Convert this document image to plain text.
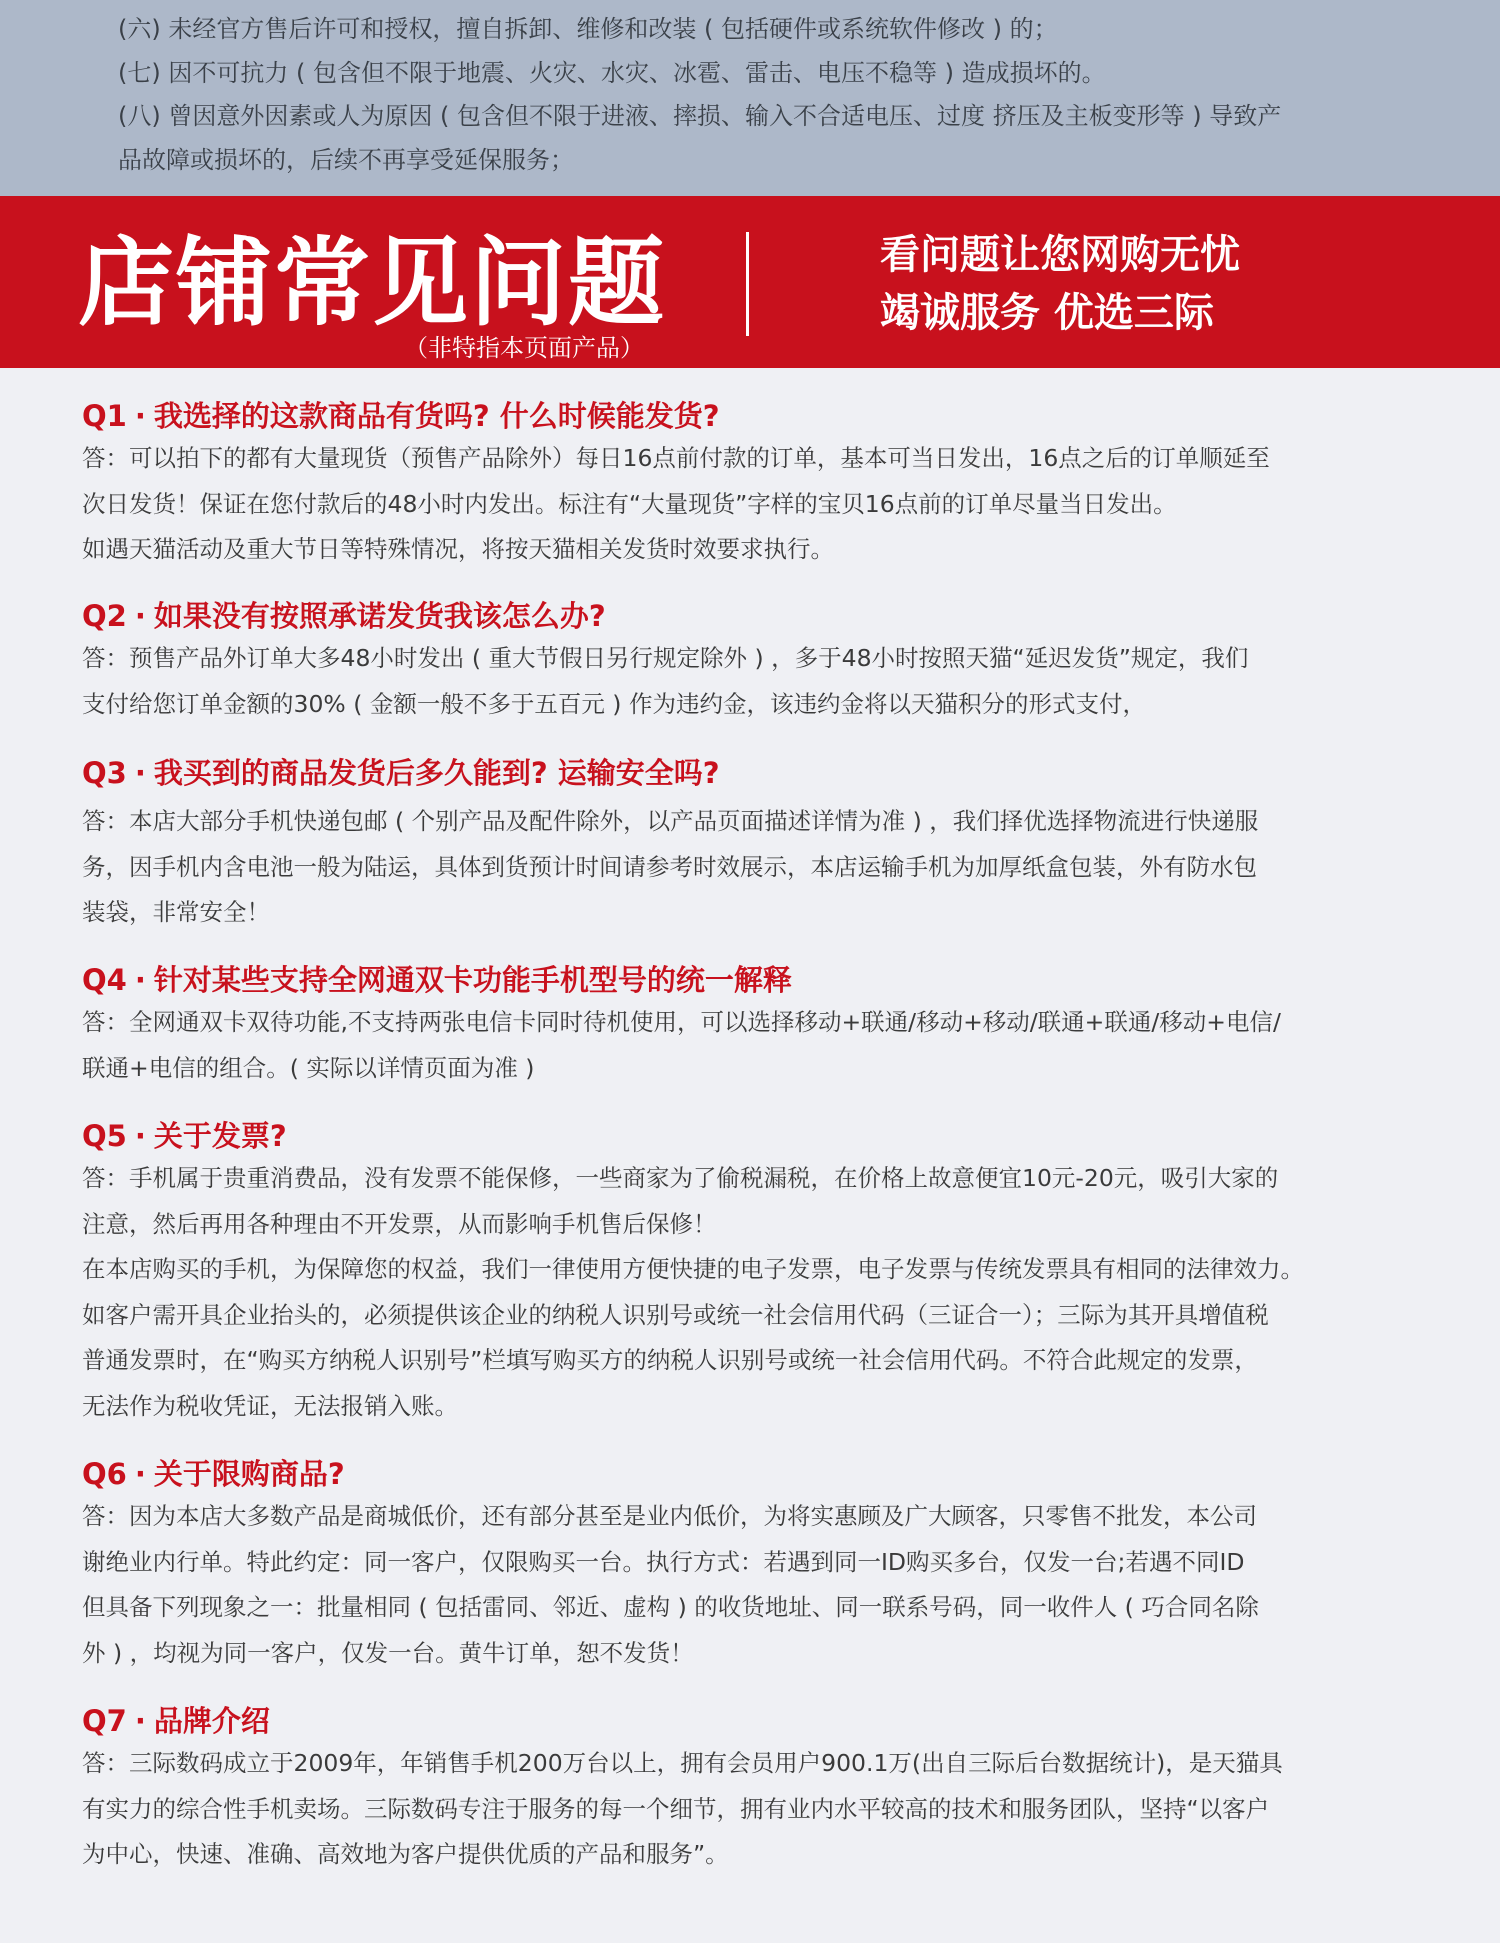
(六) 未经官方售后许可和授权，擅自拆卸、维修和改装 ( 包括硬件或系统软件修改 ) 的；
(七) 因不可抗力 ( 包含但不限于地震、火灾、水灾、冰雹、雷击、电压不稳等 ) 造成损坏的。
(八) 曾因意外因素或人为原因 ( 包含但不限于进液、摔损、输入不合适电压、过度 挤压及主板变形等 ) 导致产
品故障或损坏的，后续不再享受延保服务；
店铺常见问题
（非特指本页面产品）
看问题让您网购无忧
竭诚服务 优选三际
Q1 · 我选择的这款商品有货吗? 什么时候能发货?
答：可以拍下的都有大量现货（预售产品除外）每日16点前付款的订单，基本可当日发出，16点之后的订单顺延至
次日发货！保证在您付款后的48小时内发出。标注有“大量现货”字样的宝贝16点前的订单尽量当日发出。
如遇天猫活动及重大节日等特殊情况，将按天猫相关发货时效要求执行。
Q2 · 如果没有按照承诺发货我该怎么办?
答：预售产品外订单大多48小时发出 ( 重大节假日另行规定除外 ) ，多于48小时按照天猫“延迟发货”规定，我们
支付给您订单金额的30% ( 金额一般不多于五百元 ) 作为违约金，该违约金将以天猫积分的形式支付，
Q3 · 我买到的商品发货后多久能到? 运输安全吗?
答：本店大部分手机快递包邮 ( 个别产品及配件除外，以产品页面描述详情为准 ) ，我们择优选择物流进行快递服
务，因手机内含电池一般为陆运，具体到货预计时间请参考时效展示，本店运输手机为加厚纸盒包装，外有防水包
装袋，非常安全！
Q4 · 针对某些支持全网通双卡功能手机型号的统一解释
答：全网通双卡双待功能,不支持两张电信卡同时待机使用，可以选择移动+联通/移动+移动/联通+联通/移动+电信/
联通+电信的组合。( 实际以详情页面为准 )
Q5 · 关于发票?
答：手机属于贵重消费品，没有发票不能保修，一些商家为了偷税漏税，在价格上故意便宜10元-20元，吸引大家的
注意，然后再用各种理由不开发票，从而影响手机售后保修！
在本店购买的手机，为保障您的权益，我们一律使用方便快捷的电子发票，电子发票与传统发票具有相同的法律效力。
如客户需开具企业抬头的，必须提供该企业的纳税人识别号或统一社会信用代码（三证合一）；三际为其开具增值税
普通发票时，在“购买方纳税人识别号”栏填写购买方的纳税人识别号或统一社会信用代码。不符合此规定的发票，
无法作为税收凭证，无法报销入账。
Q6 · 关于限购商品?
答：因为本店大多数产品是商城低价，还有部分甚至是业内低价，为将实惠顾及广大顾客，只零售不批发，本公司
谢绝业内行单。特此约定：同一客户，仅限购买一台。执行方式：若遇到同一ID购买多台，仅发一台;若遇不同ID
但具备下列现象之一：批量相同 ( 包括雷同、邻近、虚构 ) 的收货地址、同一联系号码，同一收件人 ( 巧合同名除
外 ) ，均视为同一客户，仅发一台。黄牛订单，恕不发货！
Q7 · 品牌介绍
答：三际数码成立于2009年，年销售手机200万台以上，拥有会员用户900.1万(出自三际后台数据统计)，是天猫具
有实力的综合性手机卖场。三际数码专注于服务的每一个细节，拥有业内水平较高的技术和服务团队，坚持“以客户
为中心，快速、准确、高效地为客户提供优质的产品和服务”。
